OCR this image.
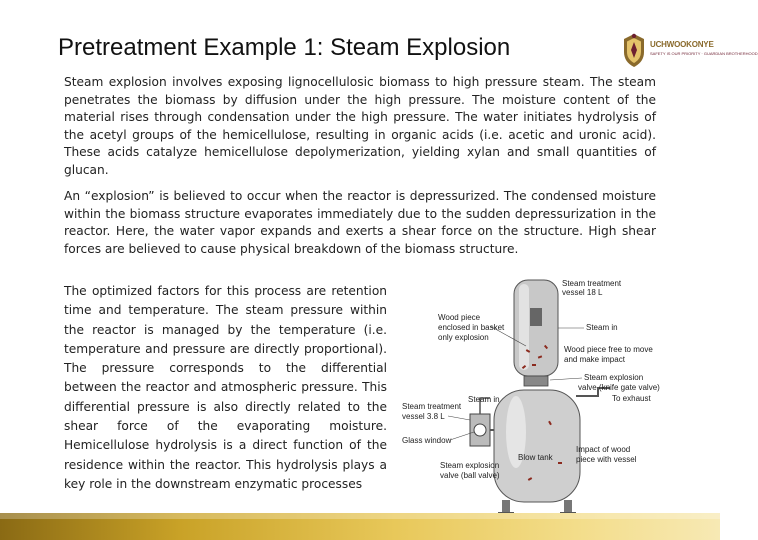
Pretreatment Example 1: Steam Explosion	UCHWOOKONYE
SAFETY IS OUR PRIORITY · GUARDIAN BROTHERHOOD
Steam explosion involves exposing lignocellulosic biomass to high pressure steam. The steam penetrates the biomass by diffusion under the high pressure. The moisture content of the material rises through condensation under the high pressure. The water initiates hydrolysis of the acetyl groups of the hemicellulose, resulting in organic acids (i.e. acetic and uronic acid). These acids catalyze hemicellulose depolymerization, yielding xylan and small quantities of glucan.
An “explosion” is believed to occur when the reactor is depressurized. The condensed moisture within the biomass structure evaporates immediately due to the sudden depressurization in the reactor. Here, the water vapor expands and exerts a shear force on the structure. High shear forces are believed to cause physical breakdown of the biomass structure.
The optimized factors for this process are retention time and temperature. The steam pressure within the reactor is managed by the temperature (i.e. temperature and pressure are directly proportional). The pressure corresponds to the differential between the reactor and atmospheric pressure. This differential pressure is also directly related to the shear force of the evaporating moisture. Hemicellulose hydrolysis is a direct function of the residence within the reactor. This hydrolysis plays a key role in the downstream enzymatic processes
Steam treatment
vessel 18 L
Wood piece
enclosed in basket
only explosion
Steam in
Wood piece free to move
and make impact
Steam explosion
valve (knife gate valve)
To exhaust
Steam in
Steam treatment
vessel 3.8 L
Glass window
Blow tank
Impact of wood
piece with vessel
Steam explosion
valve (ball valve)
